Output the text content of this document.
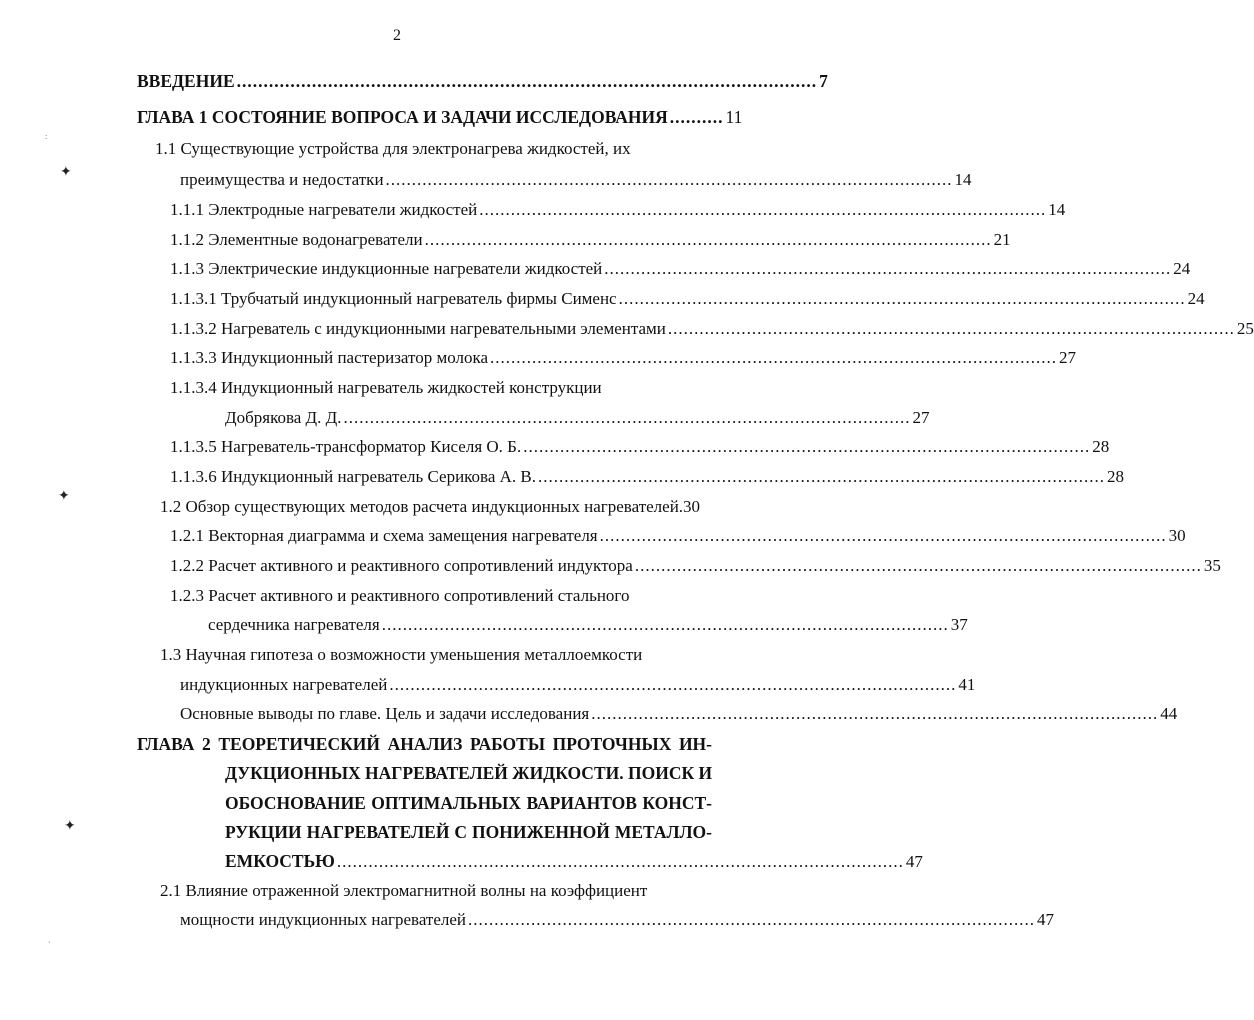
2
ВВЕДЕНИЕ ............................................................................................................ 7
ГЛАВА 1 СОСТОЯНИЕ ВОПРОСА И ЗАДАЧИ ИССЛЕДОВАНИЯ .......... 11
1.1 Существующие устройства для электронагрева жидкостей, их
преимущества и недостатки ............................................................................................................ 14
1.1.1 Электродные нагреватели жидкостей ............................................................................................................ 14
1.1.2 Элементные водонагреватели ............................................................................................................ 21
1.1.3 Электрические индукционные нагреватели жидкостей ............................................................................................................ 24
1.1.3.1 Трубчатый индукционный нагреватель фирмы Сименс ............................................................................................................ 24
1.1.3.2 Нагреватель с индукционными нагревательными элементами ............................................................................................................ 25
1.1.3.3 Индукционный пастеризатор молока ............................................................................................................ 27
1.1.3.4 Индукционный нагреватель жидкостей конструкции
Добрякова Д. Д. ............................................................................................................ 27
1.1.3.5 Нагреватель-трансформатор Киселя О. Б. ............................................................................................................ 28
1.1.3.6 Индукционный нагреватель Серикова А. В. ............................................................................................................ 28
1.2 Обзор существующих методов расчета индукционных нагревателей. 30
1.2.1 Векторная диаграмма и схема замещения нагревателя ............................................................................................................ 30
1.2.2 Расчет активного и реактивного сопротивлений индуктора ............................................................................................................ 35
1.2.3 Расчет активного и реактивного сопротивлений стального
сердечника нагревателя ............................................................................................................ 37
1.3 Научная гипотеза о возможности уменьшения металлоемкости
индукционных нагревателей ............................................................................................................ 41
Основные выводы по главе. Цель и задачи исследования ............................................................................................................ 44
ГЛАВА 2 ТЕОРЕТИЧЕСКИЙ АНАЛИЗ РАБОТЫ ПРОТОЧНЫХ ИН-
ДУКЦИОННЫХ НАГРЕВАТЕЛЕЙ ЖИДКОСТИ. ПОИСК И
ОБОСНОВАНИЕ ОПТИМАЛЬНЫХ ВАРИАНТОВ КОНСТ-
РУКЦИИ НАГРЕВАТЕЛЕЙ С ПОНИЖЕННОЙ МЕТАЛЛО-
ЕМКОСТЬЮ ............................................................................................................ 47
2.1 Влияние отраженной электромагнитной волны на коэффициент
мощности индукционных нагревателей ............................................................................................................ 47
✦
✦
✦
:
·
